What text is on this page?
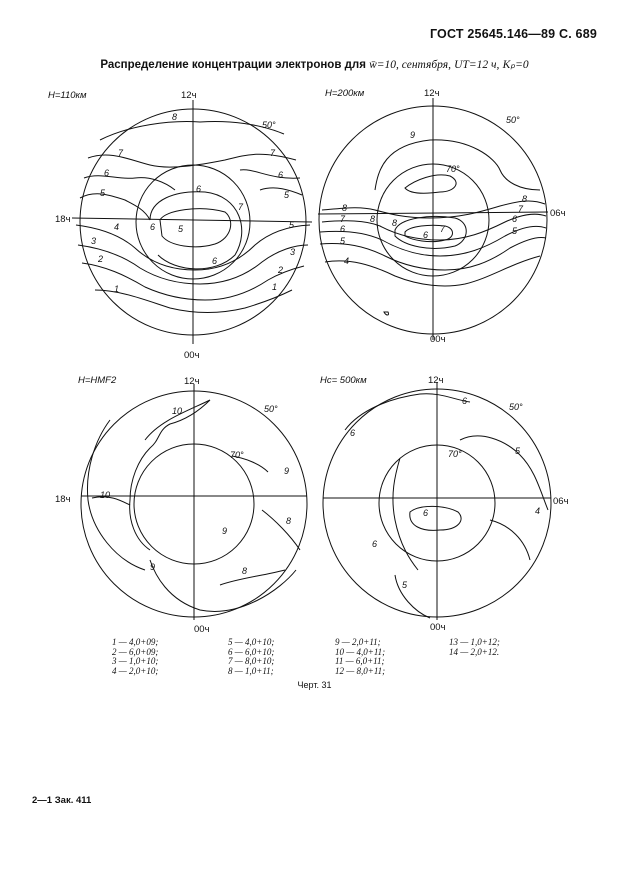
ГОСТ 25645.146—89 С. 689
Распределение концентрации электронов для w̄=10, сентября, UT=12 ч, Kₚ=0
H=110км	12ч
00ч
18ч
50°
8
7	7
6	6
5	5
6
7
4	6	5	5
3
6
3
2
2
1	1
H=200км	12ч
00ч
06ч
50°
70°
9
8
8
7
7
6
6
5
5
4
6
7
8
8
H=HMF2	12ч
00ч
18ч
50°
70°
10
10
9
9
8
8
9
Hc= 500км	12ч
00ч
06ч
50°
70°
6
6
5
4
6
6
5
1 — 4,0+09;
2 — 6,0+09;
3 — 1,0+10;
4 — 2,0+10;
5 — 4,0+10;
6 — 6,0+10;
7 — 8,0+10;
8 — 1,0+11;
9 — 2,0+11;
10 — 4,0+11;
11 — 6,0+11;
12 — 8,0+11;
13 — 1,0+12;
14 — 2,0+12.
Черт. 31
2—1 Зак. 411
